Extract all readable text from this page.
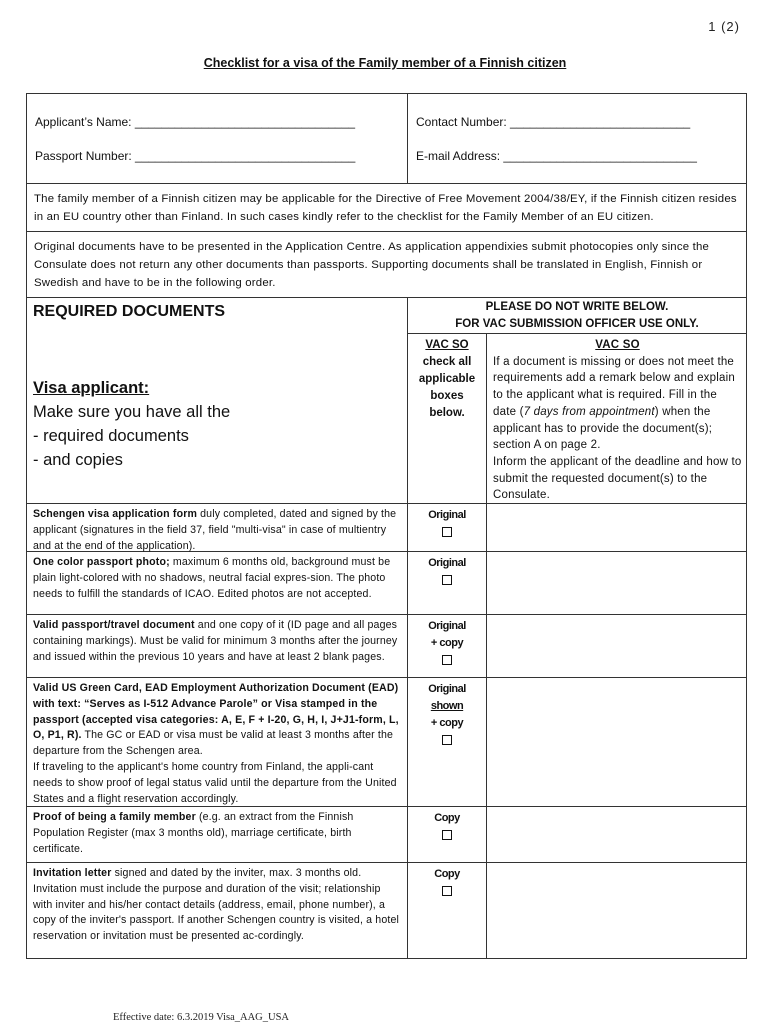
1 (2)
Checklist for a visa of the Family member of a Finnish citizen
Applicant’s Name: _________________________________
Passport Number: _________________________________
Contact Number: ___________________________
E-mail Address: _____________________________
The family member of a Finnish citizen may be applicable for the Directive of Free Movement 2004/38/EY, if the Finnish citizen resides in an EU country other than Finland. In such cases kindly refer to the checklist for the Family Member of an EU citizen.
Original documents have to be presented in the Application Centre. As application appendixies submit photocopies only since the Consulate does not return any other documents than passports. Supporting documents shall be translated in English, Finnish or Swedish and have to be in the following order.
REQUIRED DOCUMENTS
Visa applicant:
Make sure you have all the
- required documents
- and copies
PLEASE DO NOT WRITE BELOW.
FOR VAC SUBMISSION OFFICER USE ONLY.
VAC SO
check all
applicable
boxes
below.
VAC SO
If a document is missing or does not meet the requirements add a remark below and explain to the applicant what is required. Fill in the date (7 days from appointment) when the applicant has to provide the document(s); section A on page 2.
Inform the applicant of the deadline and how to submit the requested document(s) to the Consulate.
Schengen visa application form duly completed, dated and signed by the applicant (signatures in the field 37, field "multi-visa" in case of multientry and at the end of the application).
Original
One color passport photo; maximum 6 months old, background must be plain light-colored with no shadows, neutral facial expres-sion. The photo needs to fulfill the standards of ICAO. Edited photos are not accepted.
Original
Valid passport/travel document and one copy of it (ID page and all pages containing markings). Must be valid for minimum 3 months after the journey and issued within the previous 10 years and have at least 2 blank pages.
Original
+ copy
Valid US Green Card, EAD Employment Authorization Document (EAD) with text: “Serves as I-512 Advance Parole” or Visa stamped in the passport (accepted visa categories: A, E, F + I-20, G, H, I, J+J1-form, L, O, P1, R). The GC or EAD or visa must be valid at least 3 months after the departure from the Schengen area.
If traveling to the applicant's home country from Finland, the appli-cant needs to show proof of legal status valid until the departure from the United States and a flight reservation accordingly.
Original
shown
+ copy
Proof of being a family member (e.g. an extract from the Finnish Population Register (max 3 months old), marriage certificate, birth certificate.
Copy
Invitation letter signed and dated by the inviter, max. 3 months old. Invitation must include the purpose and duration of the visit; relationship with inviter and his/her contact details (address, email, phone number), a copy of the inviter's passport. If another Schengen country is visited, a hotel reservation or invitation must be presented ac-cordingly.
Copy
Effective date: 6.3.2019 Visa_AAG_USA
